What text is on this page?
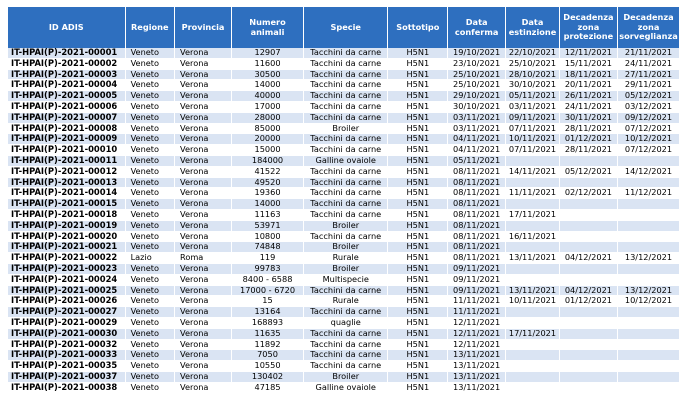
ID ADIS	Regione	Provincia	Numero animali	Specie	Sottotipo	Data conferma	Data estinzione	Decadenza zona protezione	Decadenza zona sorveglianza
IT-HPAI(P)-2021-00001	Veneto	Verona	12907	Tacchini da carne	H5N1	19/10/2021	22/10/2021	12/11/2021	21/11/2021
IT-HPAI(P)-2021-00002	Veneto	Verona	11600	Tacchini da carne	H5N1	23/10/2021	25/10/2021	15/11/2021	24/11/2021
IT-HPAI(P)-2021-00003	Veneto	Verona	30500	Tacchini da carne	H5N1	25/10/2021	28/10/2021	18/11/2021	27/11/2021
IT-HPAI(P)-2021-00004	Veneto	Verona	14000	Tacchini da carne	H5N1	25/10/2021	30/10/2021	20/11/2021	29/11/2021
IT-HPAI(P)-2021-00005	Veneto	Verona	40000	Tacchini da carne	H5N1	29/10/2021	05/11/2021	26/11/2021	05/12/2021
IT-HPAI(P)-2021-00006	Veneto	Verona	17000	Tacchini da carne	H5N1	30/10/2021	03/11/2021	24/11/2021	03/12/2021
IT-HPAI(P)-2021-00007	Veneto	Verona	28000	Tacchini da carne	H5N1	03/11/2021	09/11/2021	30/11/2021	09/12/2021
IT-HPAI(P)-2021-00008	Veneto	Verona	85000	Broiler	H5N1	03/11/2021	07/11/2021	28/11/2021	07/12/2021
IT-HPAI(P)-2021-00009	Veneto	Verona	20000	Tacchini da carne	H5N1	04/11/2021	10/11/2021	01/12/2021	10/12/2021
IT-HPAI(P)-2021-00010	Veneto	Verona	15000	Tacchini da carne	H5N1	04/11/2021	07/11/2021	28/11/2021	07/12/2021
IT-HPAI(P)-2021-00011	Veneto	Verona	184000	Galline ovaiole	H5N1	05/11/2021			
IT-HPAI(P)-2021-00012	Veneto	Verona	41522	Tacchini da carne	H5N1	08/11/2021	14/11/2021	05/12/2021	14/12/2021
IT-HPAI(P)-2021-00013	Veneto	Verona	49520	Tacchini da carne	H5N1	08/11/2021			
IT-HPAI(P)-2021-00014	Veneto	Verona	19360	Tacchini da carne	H5N1	08/11/2021	11/11/2021	02/12/2021	11/12/2021
IT-HPAI(P)-2021-00015	Veneto	Verona	14000	Tacchini da carne	H5N1	08/11/2021			
IT-HPAI(P)-2021-00018	Veneto	Verona	11163	Tacchini da carne	H5N1	08/11/2021	17/11/2021		
IT-HPAI(P)-2021-00019	Veneto	Verona	53971	Broiler	H5N1	08/11/2021			
IT-HPAI(P)-2021-00020	Veneto	Verona	10800	Tacchini da carne	H5N1	08/11/2021	16/11/2021		
IT-HPAI(P)-2021-00021	Veneto	Verona	74848	Broiler	H5N1	08/11/2021			
IT-HPAI(P)-2021-00022	Lazio	Roma	119	Rurale	H5N1	08/11/2021	13/11/2021	04/12/2021	13/12/2021
IT-HPAI(P)-2021-00023	Veneto	Verona	99783	Broiler	H5N1	09/11/2021			
IT-HPAI(P)-2021-00024	Veneto	Verona	8400 - 6588	Multispecie	H5N1	09/11/2021			
IT-HPAI(P)-2021-00025	Veneto	Verona	17000 - 6720	Tacchini da carne	H5N1	09/11/2021	13/11/2021	04/12/2021	13/12/2021
IT-HPAI(P)-2021-00026	Veneto	Verona	15	Rurale	H5N1	11/11/2021	10/11/2021	01/12/2021	10/12/2021
IT-HPAI(P)-2021-00027	Veneto	Verona	13164	Tacchini da carne	H5N1	11/11/2021			
IT-HPAI(P)-2021-00029	Veneto	Verona	168893	quaglie	H5N1	12/11/2021			
IT-HPAI(P)-2021-00030	Veneto	Verona	11635	Tacchini da carne	H5N1	12/11/2021	17/11/2021		
IT-HPAI(P)-2021-00032	Veneto	Verona	11892	Tacchini da carne	H5N1	12/11/2021			
IT-HPAI(P)-2021-00033	Veneto	Verona	7050	Tacchini da carne	H5N1	13/11/2021			
IT-HPAI(P)-2021-00035	Veneto	Verona	10550	Tacchini da carne	H5N1	13/11/2021			
IT-HPAI(P)-2021-00037	Veneto	Verona	130402	Broiler	H5N1	13/11/2021			
IT-HPAI(P)-2021-00038	Veneto	Verona	47185	Galline ovaiole	H5N1	13/11/2021			
